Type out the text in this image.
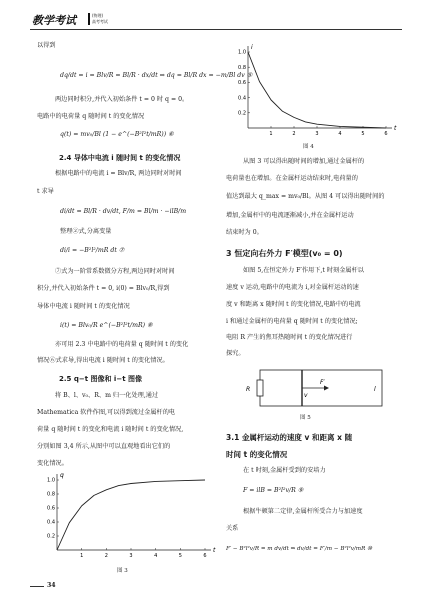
教学考试	(物理)
高考考试
以得到
dq/dt = i = Blv/R = Bl/R · dx/dt ⇒ dq = Bl/R dx = −m/Bl dv ⑤
两边同时积分,并代入初始条件 t = 0 时 q = 0。
电路中的电荷量 q 随时间 t 的变化情况
q(t) = mv₀/Bl (1 − e^(−B²l²t/mR)) ⑥
2.4 导体中电流 i 随时间 t 的变化情况
根据电路中的电流 i = Blv/R, 两边同时对时间
t 求导
di/dt = Bl/R · dv/dt, F/m = Bl/m · −ilB/m
整理②式,分离变量
di/i = −B²l²/mR dt ⑦
⑦式为一阶常系数微分方程,两边同时对时间
积分,并代入初始条件 t = 0, i(0) = Blv₀/R,得到
导体中电流 i 随时间 t 的变化情况
i(t) = Blv₀/R e^(−B²l²t/mR) ⑧
亦可用 2.3 中电路中的电荷量 q 随时间 t 的变化
情况⑥式求导,得出电流 i 随时间 t 的变化情况。
2.5 q−t 图像和 i−t 图像
将 B、l、v₀、R、m 归一化处理,通过
Mathematica 软件作图,可以得到流过金属杆的电
荷量 q 随时间 t 的变化和电流 i 随时间 t 的变化情况,
分别如图 3,4 所示,从图中可以直观地看出它们的
变化情况。
1	2	3	4	5	6
0.2
0.4
0.6
0.8
1.0
t
q
图 3
34
1	2	3	4	5	6
0.2
0.4
0.6
0.8
1.0
t
i
图 4
从图 3 可以得出随时间的增加,通过金属杆的
电荷量也在增加。在金属杆运动结束时,电荷量的
值达到最大 q_max = mv₀/Bl。从图 4 可以得出随时间的
增加,金属杆中的电流逐渐减小,并在金属杆运动
结束时为 0。
3 恒定向右外力 F′模型(v₀ = 0)
如图 5,在恒定外力 F′作用下,t 时刻金属杆以
速度 v 运动,电路中的电流为 i,对金属杆运动的速
度 v 和距离 x 随时间 t 的变化情况,电路中的电流
i 和通过金属杆的电荷量 q 随时间 t 的变化情况;
电阻 R 产生的焦耳热随时间 t 的变化情况进行
探究。
R
F′
v
l
图 5
3.1 金属杆运动的速度 v 和距离 x 随
时间 t 的变化情况
在 t 时刻,金属杆受到的安培力
F = ilB = B²l²v/R ⑨
根据牛顿第二定律,金属杆所受合力与加速度
关系
F′ − B²l²v/R = m dv/dt ⇒ dv/dt = F′/m − B²l²v/mR ⑩
